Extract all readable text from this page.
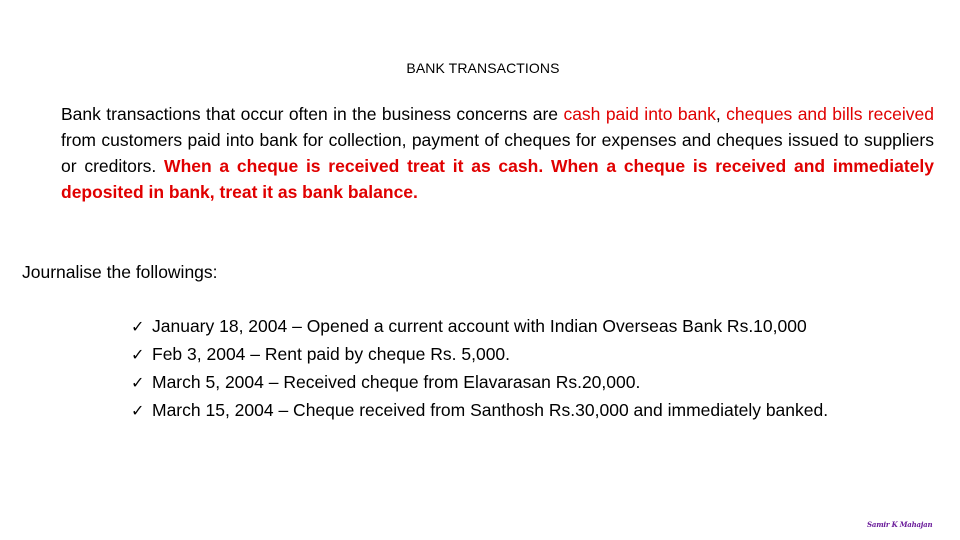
BANK TRANSACTIONS
Bank transactions that occur often in the business concerns are cash paid into bank, cheques and bills received from customers paid into bank for collection, payment of cheques for expenses and cheques issued to suppliers or creditors. When a cheque is received treat it as cash. When a cheque is received and immediately deposited in bank, treat it as bank balance.
Journalise the followings:
✓ January 18, 2004 – Opened a current account with Indian Overseas Bank Rs.10,000
✓ Feb 3, 2004 – Rent paid by cheque Rs. 5,000.
✓ March 5, 2004 – Received cheque from Elavarasan Rs.20,000.
✓ March 15, 2004 – Cheque received from Santhosh Rs.30,000 and immediately banked.
Samir K Mahajan
